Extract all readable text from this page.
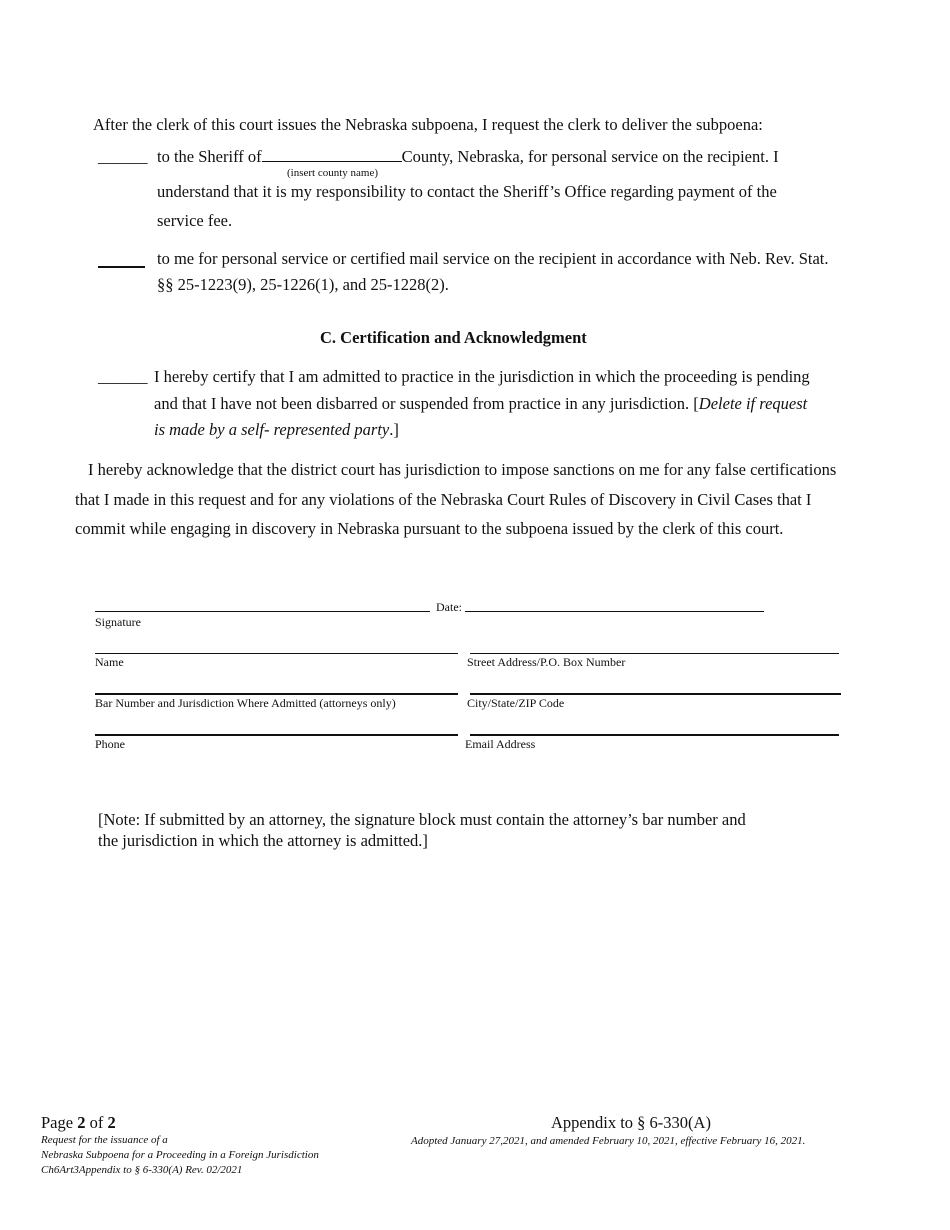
After the clerk of this court issues the Nebraska subpoena, I request the clerk to deliver the subpoena:
______ to the Sheriff of	County, Nebraska, for personal service on the recipient. I
(insert county name)
understand that it is my responsibility to contact the Sheriff’s Office regarding payment of the
service fee.
to me for personal service or certified mail service on the recipient in accordance with Neb. Rev. Stat.
§§ 25-1223(9), 25-1226(1), and 25-1228(2).
C. Certification and Acknowledgment
______ I hereby certify that I am admitted to practice in the jurisdiction in which the proceeding is pending
and that I have not been disbarred or suspended from practice in any jurisdiction. [Delete if request
is made by a self- represented party.]
I hereby acknowledge that the district court has jurisdiction to impose sanctions on me for any false certifications
that I made in this request and for any violations of the Nebraska Court Rules of Discovery in Civil Cases that I
commit while engaging in discovery in Nebraska pursuant to the subpoena issued by the clerk of this court.
Date:
Signature
Name	Street Address/P.O. Box Number
Bar Number and Jurisdiction Where Admitted (attorneys only)	City/State/ZIP Code
Phone	Email Address
[Note: If submitted by an attorney, the signature block must contain the attorney’s bar number and
the jurisdiction in which the attorney is admitted.]
Page 2 of 2
Request for the issuance of a
Nebraska Subpoena for a Proceeding in a Foreign Jurisdiction
Ch6Art3Appendix to § 6-330(A) Rev. 02/2021
Appendix to § 6-330(A)
Adopted January 27,2021, and amended February 10, 2021, effective February 16, 2021.
